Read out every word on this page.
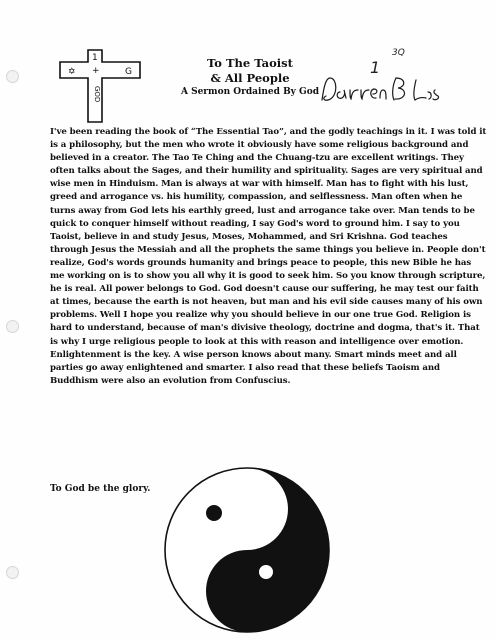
✡	G
1
+
GOD
To The Taoist
& All People
A Sermon Ordained By God
1
3Q
I've been reading the book of “The Essential Tao”, and the godly teachings in it. I was told it is a philosophy, but the men who wrote it obviously have some religious background and believed in a creator. The Tao Te Ching and the Chuang-tzu are excellent writings. They often talks about the Sages, and their humility and spirituality. Sages are very spiritual and wise men in Hinduism. Man is always at war with himself. Man has to fight with his lust, greed and arrogance vs. his humility, compassion, and selflessness. Man often when he turns away from God lets his earthly greed, lust and arrogance take over. Man tends to be quick to conquer himself without reading, I say God's word to ground him. I say to you Taoist, believe in and study Jesus, Moses, Mohammed, and Sri Krishna. God teaches through Jesus the Messiah and all the prophets the same things you believe in. People don't realize, God's words grounds humanity and brings peace to people, this new Bible he has me working on is to show you all why it is good to seek him. So you know through scripture, he is real. All power belongs to God. God doesn't cause our suffering, he may test our faith at times, because the earth is not heaven, but man and his evil side causes many of his own problems. Well I hope you realize why you should believe in our one true God. Religion is hard to understand, because of man's divisive theology, doctrine and dogma, that's it. That is why I urge religious people to look at this with reason and intelligence over emotion. Enlightenment is the key. A wise person knows about many. Smart minds meet and all parties go away enlightened and smarter. I also read that these beliefs Taoism and Buddhism were also an evolution from Confuscius.
To God be the glory.
